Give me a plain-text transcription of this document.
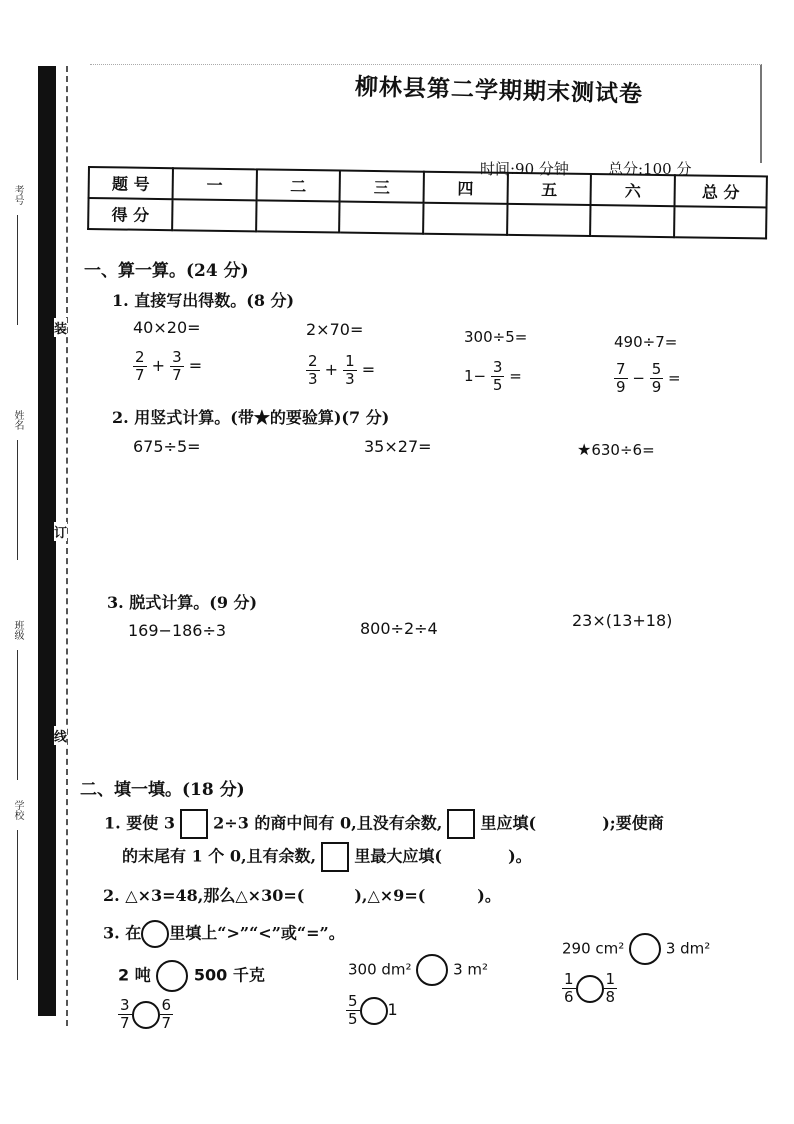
考号
姓名
班级
学校
装
订
线
柳林县第二学期期末测试卷
时间:90 分钟	总分:100 分
题 号	一	二	三	四	五	六	总 分
得 分							
一、算一算。(24 分)
1. 直接写出得数。(8 分)
40×20=	2×70=	300÷5=	490÷7=
$\frac{2}{7} + \frac{3}{7}$ =	$\frac{2}{3} + \frac{1}{3}$ =	$1- \frac{3}{5}$ =	$\frac{7}{9} - \frac{5}{9}$ =
2. 用竖式计算。(带★的要验算)(7 分)
675÷5=	35×27=	★630÷6=
3. 脱式计算。(9 分)
169−186÷3	800÷2÷4	23×(13+18)
二、填一填。(18 分)
1. 要使 3 2÷3 的商中间有 0,且没有余数, 里应填(	);要使商
的末尾有 1 个 0,且有余数, 里最大应填(	)。
2. △×3=48,那么△×30=(	),△×9=(	)。
3. 在 里填上“>”“<”或“=”。
2 吨	500 千克	300 dm²	3 m²
290 cm²	3 dm²
$\frac{3}{7} \frac{6}{7}$	$\frac{5}{5} 1$
$\frac{1}{6} \frac{1}{8}$
